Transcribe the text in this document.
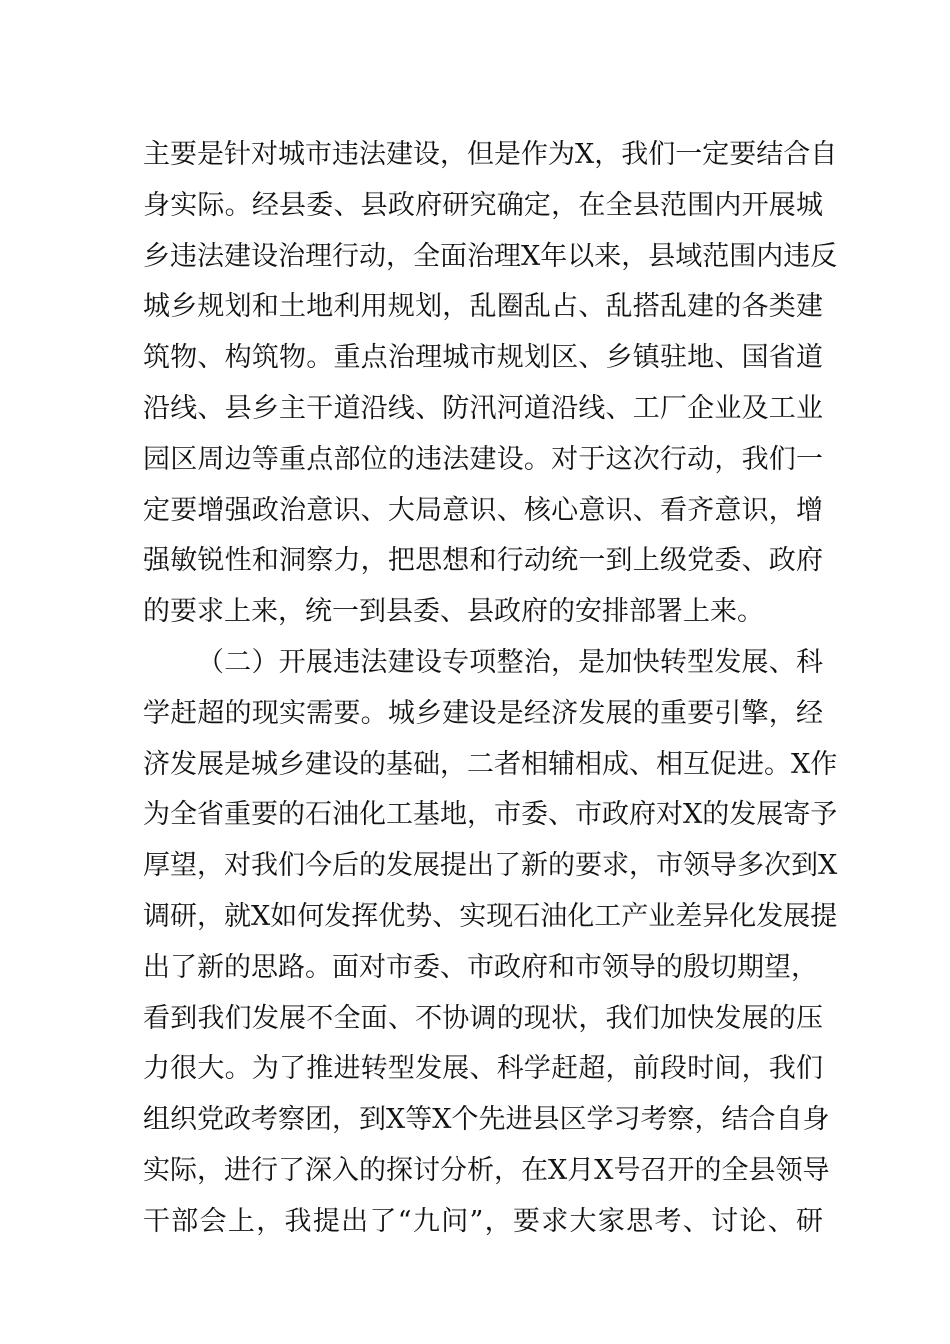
主要是针对城市违法建设，但是作为X，我们一定要结合自
身实际。经县委、县政府研究确定，在全县范围内开展城
乡违法建设治理行动，全面治理X年以来，县域范围内违反
城乡规划和土地利用规划，乱圈乱占、乱搭乱建的各类建
筑物、构筑物。重点治理城市规划区、乡镇驻地、国省道
沿线、县乡主干道沿线、防汛河道沿线、工厂企业及工业
园区周边等重点部位的违法建设。对于这次行动，我们一
定要增强政治意识、大局意识、核心意识、看齐意识，增
强敏锐性和洞察力，把思想和行动统一到上级党委、政府
的要求上来，统一到县委、县政府的安排部署上来。
（二）开展违法建设专项整治，是加快转型发展、科
学赶超的现实需要。城乡建设是经济发展的重要引擎，经
济发展是城乡建设的基础，二者相辅相成、相互促进。X作
为全省重要的石油化工基地，市委、市政府对X的发展寄予
厚望，对我们今后的发展提出了新的要求，市领导多次到X
调研，就X如何发挥优势、实现石油化工产业差异化发展提
出了新的思路。面对市委、市政府和市领导的殷切期望，
看到我们发展不全面、不协调的现状，我们加快发展的压
力很大。为了推进转型发展、科学赶超，前段时间，我们
组织党政考察团，到X等X个先进县区学习考察，结合自身
实际，进行了深入的探讨分析，在X月X号召开的全县领导
干部会上，我提出了“九问”，要求大家思考、讨论、研
